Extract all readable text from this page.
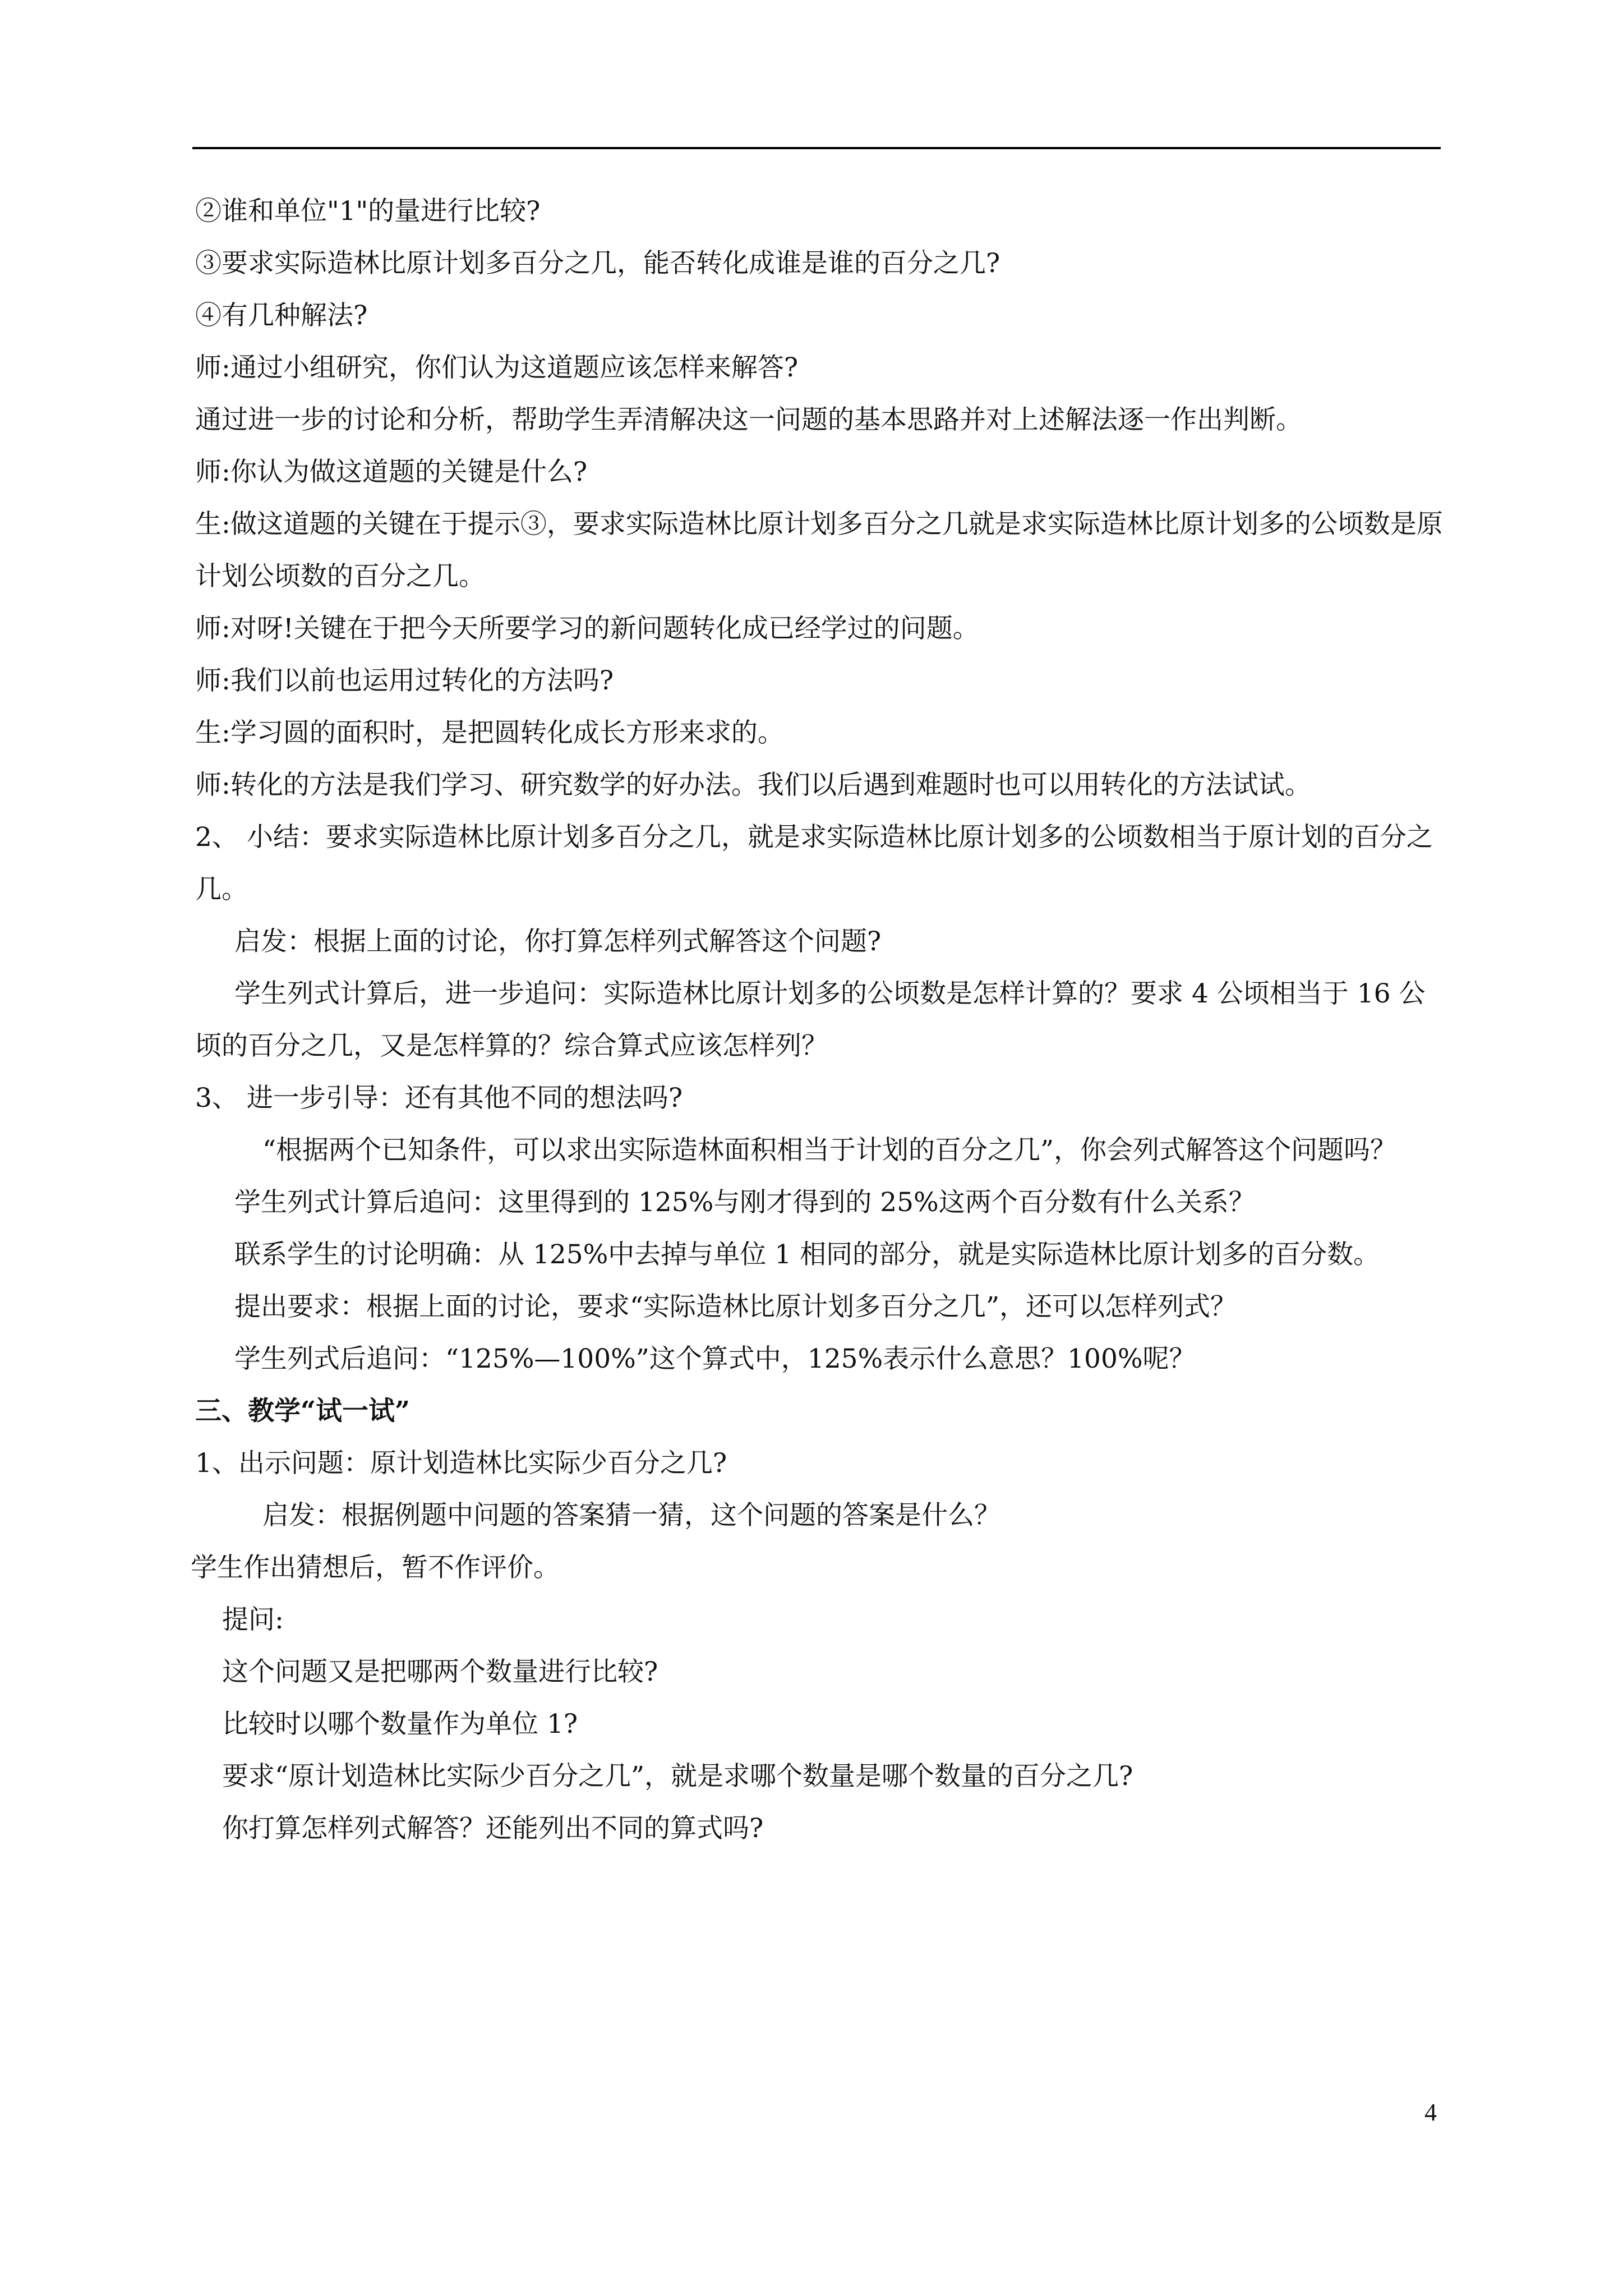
②谁和单位"1"的量进行比较?

③要求实际造林比原计划多百分之几，能否转化成谁是谁的百分之几?

④有几种解法?

师:通过小组研究，你们认为这道题应该怎样来解答?

通过进一步的讨论和分析，帮助学生弄清解决这一问题的基本思路并对上述解法逐一作出判断。

师:你认为做这道题的关键是什么?

生:做这道题的关键在于提示③，要求实际造林比原计划多百分之几就是求实际造林比原计划多的公顷数是原计划公顷数的百分之几。

师:对呀!关键在于把今天所要学习的新问题转化成已经学过的问题。

师:我们以前也运用过转化的方法吗?

生:学习圆的面积时，是把圆转化成长方形来求的。

师:转化的方法是我们学习、研究数学的好办法。我们以后遇到难题时也可以用转化的方法试试。

2、 小结：要求实际造林比原计划多百分之几，就是求实际造林比原计划多的公顷数相当于原计划的百分之几。

启发：根据上面的讨论，你打算怎样列式解答这个问题?

学生列式计算后，进一步追问：实际造林比原计划多的公顷数是怎样计算的？要求 4 公顷相当于 16 公顷的百分之几，又是怎样算的？综合算式应该怎样列？

3、 进一步引导：还有其他不同的想法吗?

“根据两个已知条件，可以求出实际造林面积相当于计划的百分之几”，你会列式解答这个问题吗？

学生列式计算后追问：这里得到的 125%与刚才得到的 25%这两个百分数有什么关系？

联系学生的讨论明确：从 125%中去掉与单位 1 相同的部分，就是实际造林比原计划多的百分数。

提出要求：根据上面的讨论，要求“实际造林比原计划多百分之几”，还可以怎样列式？

学生列式后追问：“125%—100%”这个算式中，125%表示什么意思？100%呢？

三、教学“试一试”

1、出示问题：原计划造林比实际少百分之几?

启发：根据例题中问题的答案猜一猜，这个问题的答案是什么？

学生作出猜想后，暂不作评价。

提问:

这个问题又是把哪两个数量进行比较?

比较时以哪个数量作为单位 1?

要求“原计划造林比实际少百分之几”，就是求哪个数量是哪个数量的百分之几?

你打算怎样列式解答？还能列出不同的算式吗?

4
